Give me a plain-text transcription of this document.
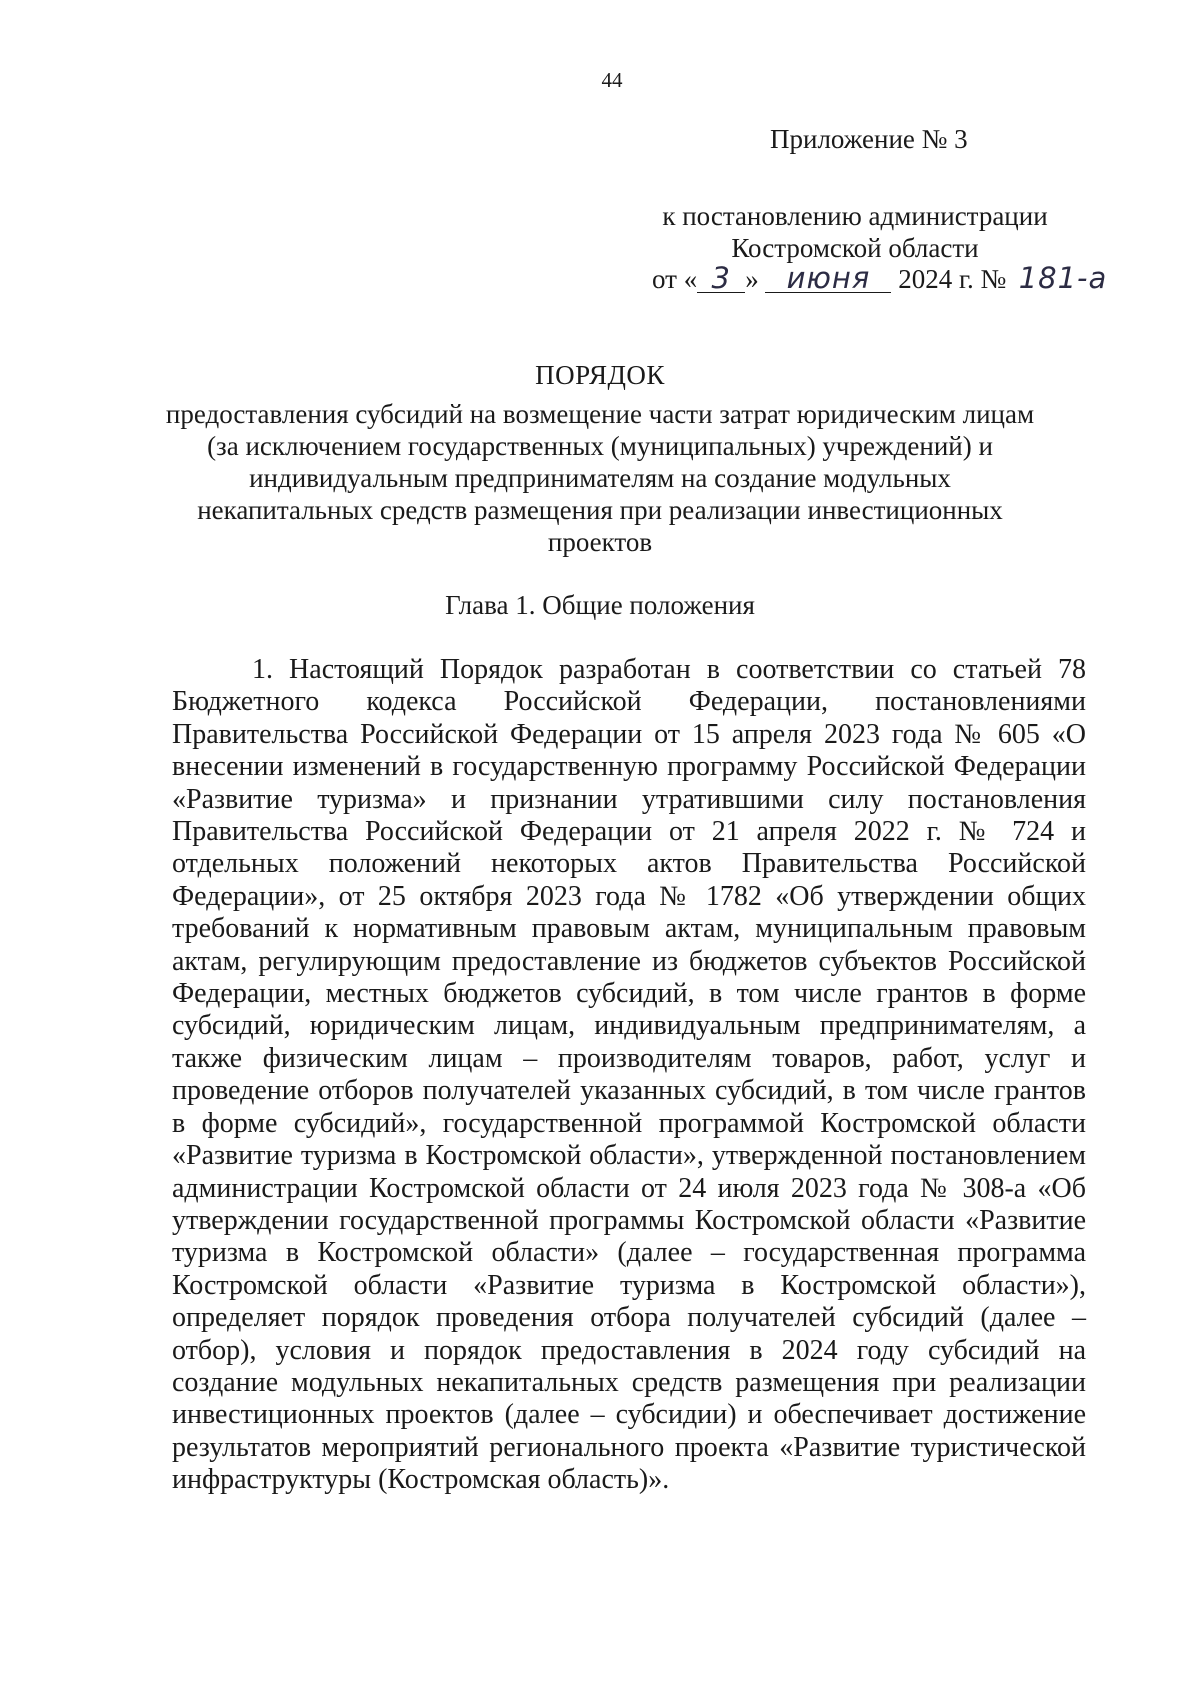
44
Приложение № 3
к постановлению администрации
Костромской области
от « 3 » июня 2024 г. № 181-а
ПОРЯДОК
предоставления субсидий на возмещение части затрат юридическим лицам (за исключением государственных (муниципальных) учреждений) и индивидуальным предпринимателям на создание модульных некапитальных средств размещения при реализации инвестиционных проектов
Глава 1. Общие положения

1. Настоящий Порядок разработан в соответствии со статьей 78 Бюджетного кодекса Российской Федерации, постановлениями Правительства Российской Федерации от 15 апреля 2023 года № 605 «О внесении изменений в государственную программу Российской Федерации «Развитие туризма» и признании утратившими силу постановления Правительства Российской Федерации от 21 апреля 2022 г. № 724 и отдельных положений некоторых актов Правительства Российской Федерации», от 25 октября 2023 года № 1782 «Об утверждении общих требований к нормативным правовым актам, муниципальным правовым актам, регулирующим предоставление из бюджетов субъектов Российской Федерации, местных бюджетов субсидий, в том числе грантов в форме субсидий, юридическим лицам, индивидуальным предпринимателям, а также физическим лицам – производителям товаров, работ, услуг и проведение отборов получателей указанных субсидий, в том числе грантов в форме субсидий», государственной программой Костромской области «Развитие туризма в Костромской области», утвержденной постановлением администрации Костромской области от 24 июля 2023 года № 308-а «Об утверждении государственной программы Костромской области «Развитие туризма в Костромской области» (далее – государственная программа Костромской области «Развитие туризма в Костромской области»), определяет порядок проведения отбора получателей субсидий (далее – отбор), условия и порядок предоставления в 2024 году субсидий на создание модульных некапитальных средств размещения при реализации инвестиционных проектов (далее – субсидии) и обеспечивает достижение результатов мероприятий регионального проекта «Развитие туристической инфраструктуры (Костромская область)».
